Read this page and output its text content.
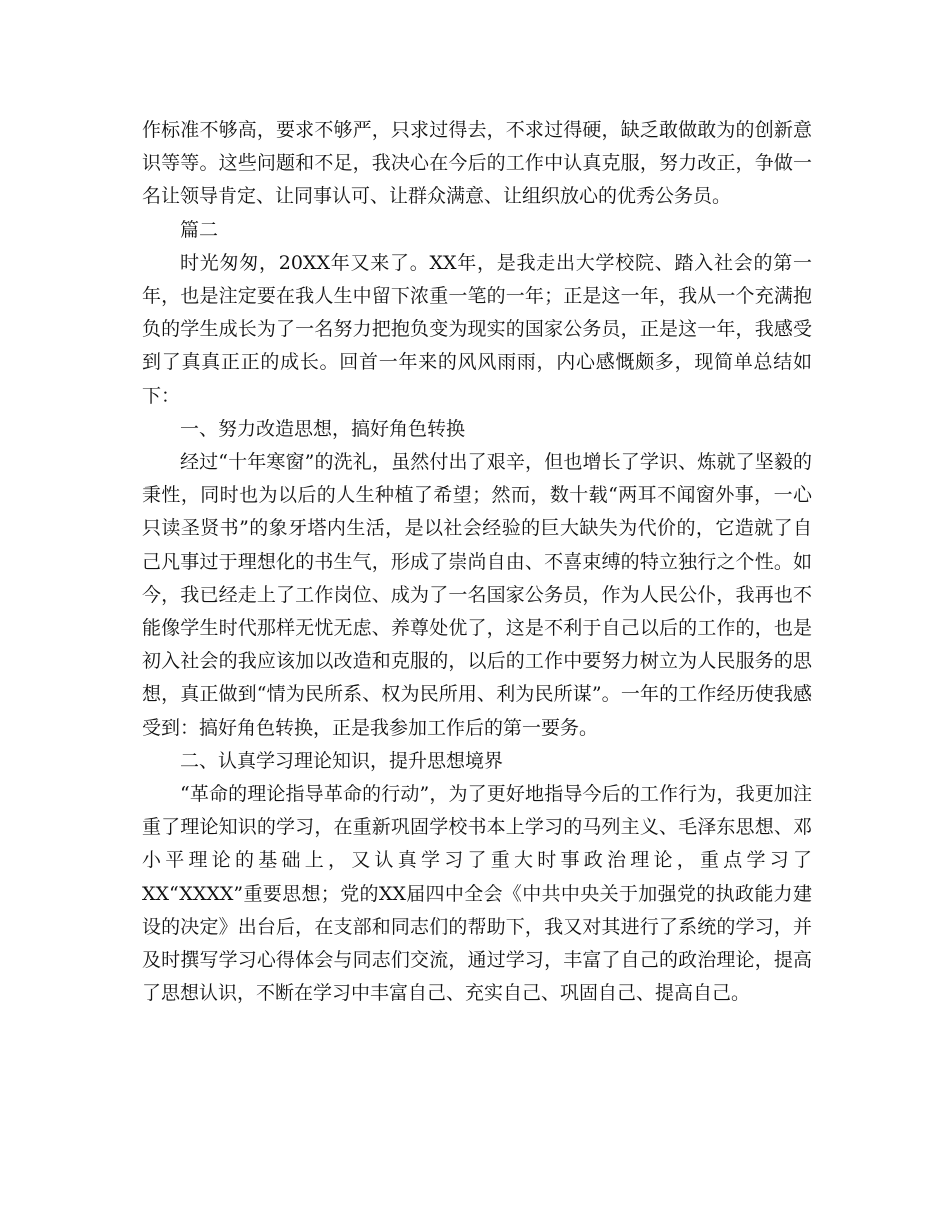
作标准不够高，要求不够严，只求过得去，不求过得硬，缺乏敢做敢为的创新意识等等。这些问题和不足，我决心在今后的工作中认真克服，努力改正，争做一名让领导肯定、让同事认可、让群众满意、让组织放心的优秀公务员。

篇二

时光匆匆，20XX年又来了。XX年，是我走出大学校院、踏入社会的第一年，也是注定要在我人生中留下浓重一笔的一年；正是这一年，我从一个充满抱负的学生成长为了一名努力把抱负变为现实的国家公务员，正是这一年，我感受到了真真正正的成长。回首一年来的风风雨雨，内心感慨颇多，现简单总结如下：

一、努力改造思想，搞好角色转换

经过“十年寒窗”的洗礼，虽然付出了艰辛，但也增长了学识、炼就了坚毅的秉性，同时也为以后的人生种植了希望；然而，数十载“两耳不闻窗外事，一心只读圣贤书”的象牙塔内生活，是以社会经验的巨大缺失为代价的，它造就了自己凡事过于理想化的书生气，形成了崇尚自由、不喜束缚的特立独行之个性。如今，我已经走上了工作岗位、成为了一名国家公务员，作为人民公仆，我再也不能像学生时代那样无忧无虑、养尊处优了，这是不利于自己以后的工作的，也是初入社会的我应该加以改造和克服的，以后的工作中要努力树立为人民服务的思想，真正做到“情为民所系、权为民所用、利为民所谋”。一年的工作经历使我感受到：搞好角色转换，正是我参加工作后的第一要务。

二、认真学习理论知识，提升思想境界

“革命的理论指导革命的行动”，为了更好地指导今后的工作行为，我更加注重了理论知识的学习，在重新巩固学校书本上学习的马列主义、毛泽东思想、邓小平理论的基础上，又认真学习了重大时事政治理论，重点学习了XX“XXXX”重要思想；党的XX届四中全会《中共中央关于加强党的执政能力建设的决定》出台后，在支部和同志们的帮助下，我又对其进行了系统的学习，并及时撰写学习心得体会与同志们交流，通过学习，丰富了自己的政治理论，提高了思想认识，不断在学习中丰富自己、充实自己、巩固自己、提高自己。
